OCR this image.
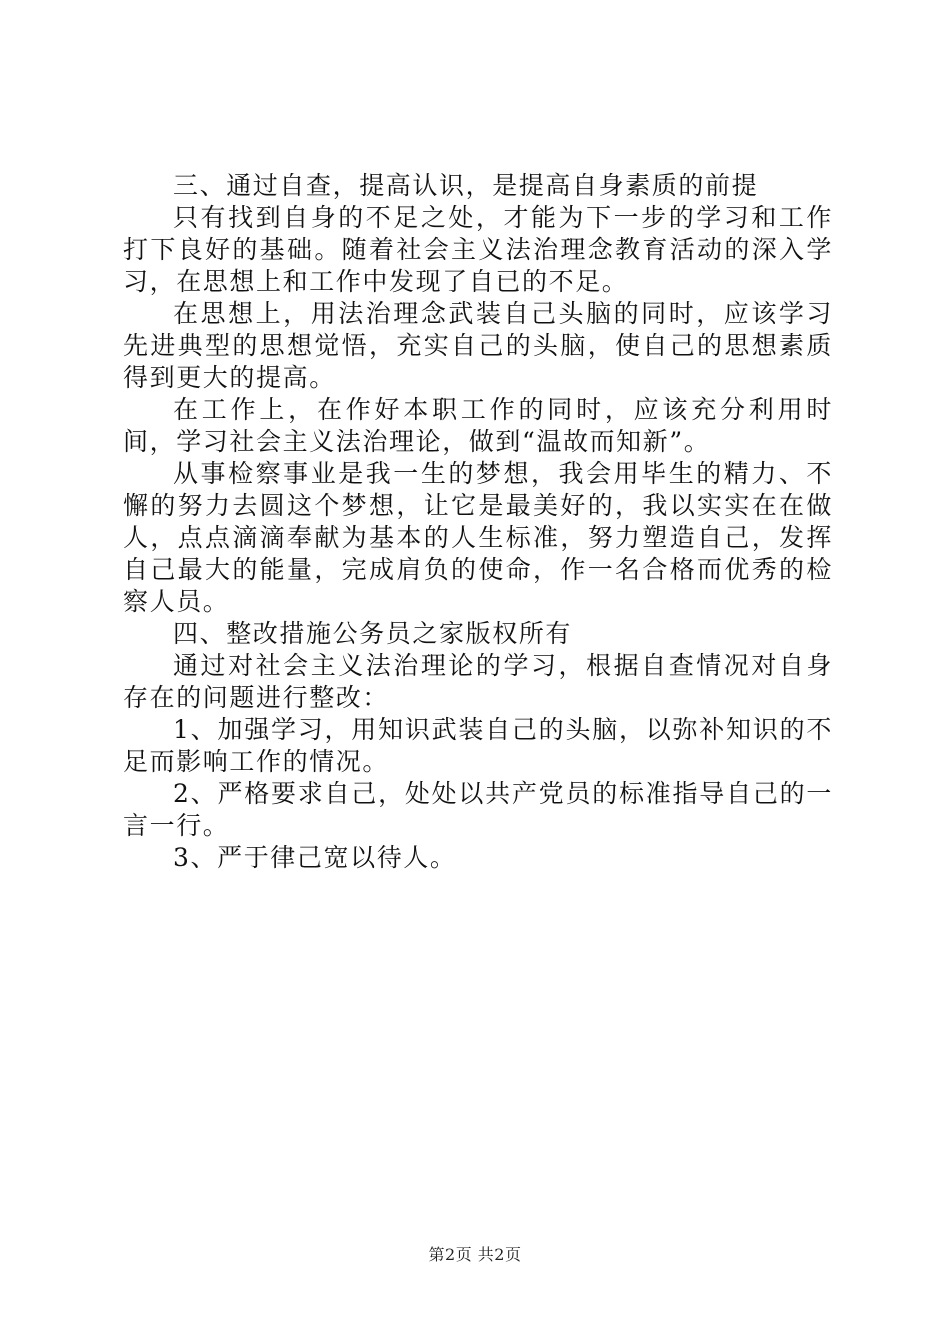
三、通过自查，提高认识，是提高自身素质的前提

只有找到自身的不足之处，才能为下一步的学习和工作打下良好的基础。随着社会主义法治理念教育活动的深入学习，在思想上和工作中发现了自已的不足。

在思想上，用法治理念武装自己头脑的同时，应该学习先进典型的思想觉悟，充实自己的头脑，使自己的思想素质得到更大的提高。

在工作上，在作好本职工作的同时，应该充分利用时间，学习社会主义法治理论，做到“温故而知新”。

从事检察事业是我一生的梦想，我会用毕生的精力、不懈的努力去圆这个梦想，让它是最美好的，我以实实在在做人，点点滴滴奉献为基本的人生标准，努力塑造自己，发挥自己最大的能量，完成肩负的使命，作一名合格而优秀的检察人员。

四、整改措施公务员之家版权所有

通过对社会主义法治理论的学习，根据自查情况对自身存在的问题进行整改：

1、加强学习，用知识武装自己的头脑，以弥补知识的不足而影响工作的情况。

2、严格要求自己，处处以共产党员的标准指导自己的一言一行。

3、严于律己宽以待人。

第2页 共2页
